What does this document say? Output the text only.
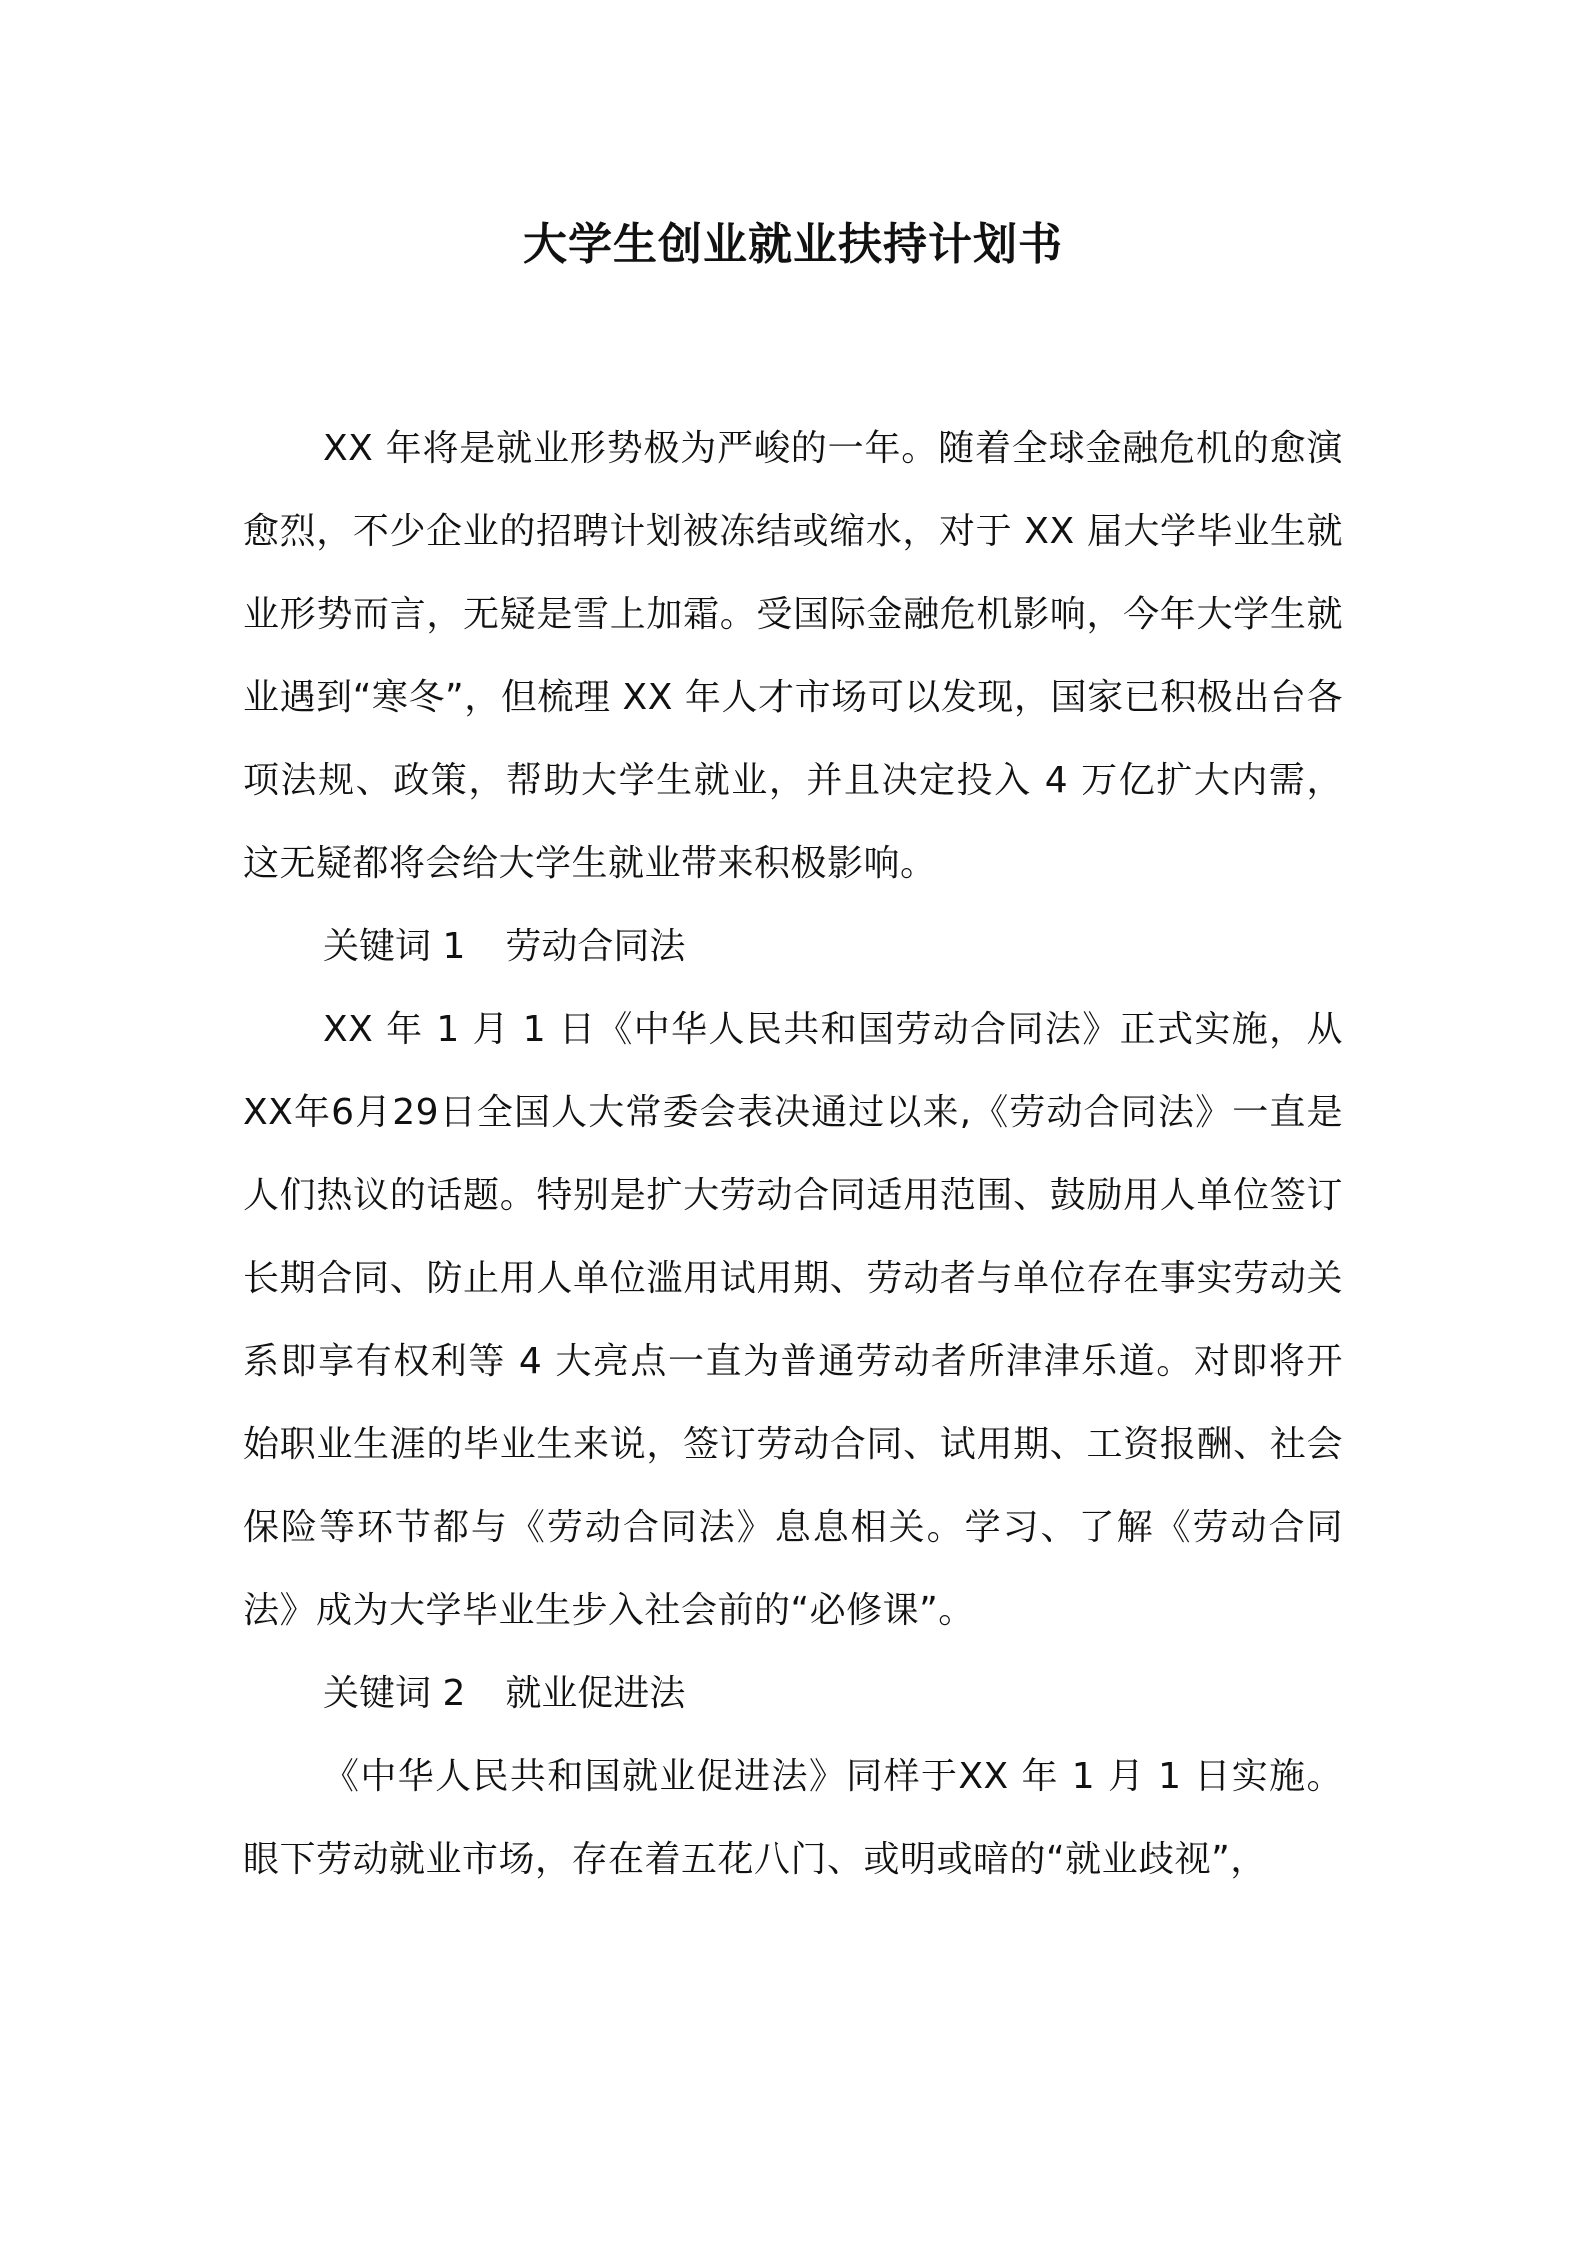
大学生创业就业扶持计划书

XX 年将是就业形势极为严峻的一年。随着全球金融危机的愈演愈烈，不少企业的招聘计划被冻结或缩水，对于 XX 届大学毕业生就业形势而言，无疑是雪上加霜。受国际金融危机影响，今年大学生就业遇到“寒冬”，但梳理 XX 年人才市场可以发现，国家已积极出台各项法规、政策，帮助大学生就业，并且决定投入 4 万亿扩大内需，这无疑都将会给大学生就业带来积极影响。

关键词 1 劳动合同法

XX 年 1 月 1 日《中华人民共和国劳动合同法》正式实施，从XX年6月29日全国人大常委会表决通过以来,《劳动合同法》一直是人们热议的话题。特别是扩大劳动合同适用范围、鼓励用人单位签订长期合同、防止用人单位滥用试用期、劳动者与单位存在事实劳动关系即享有权利等 4 大亮点一直为普通劳动者所津津乐道。对即将开始职业生涯的毕业生来说，签订劳动合同、试用期、工资报酬、社会保险等环节都与《劳动合同法》息息相关。学习、了解《劳动合同法》成为大学毕业生步入社会前的“必修课”。

关键词 2 就业促进法

《中华人民共和国就业促进法》同样于XX 年 1 月 1 日实施。眼下劳动就业市场，存在着五花八门、或明或暗的“就业歧视”，
